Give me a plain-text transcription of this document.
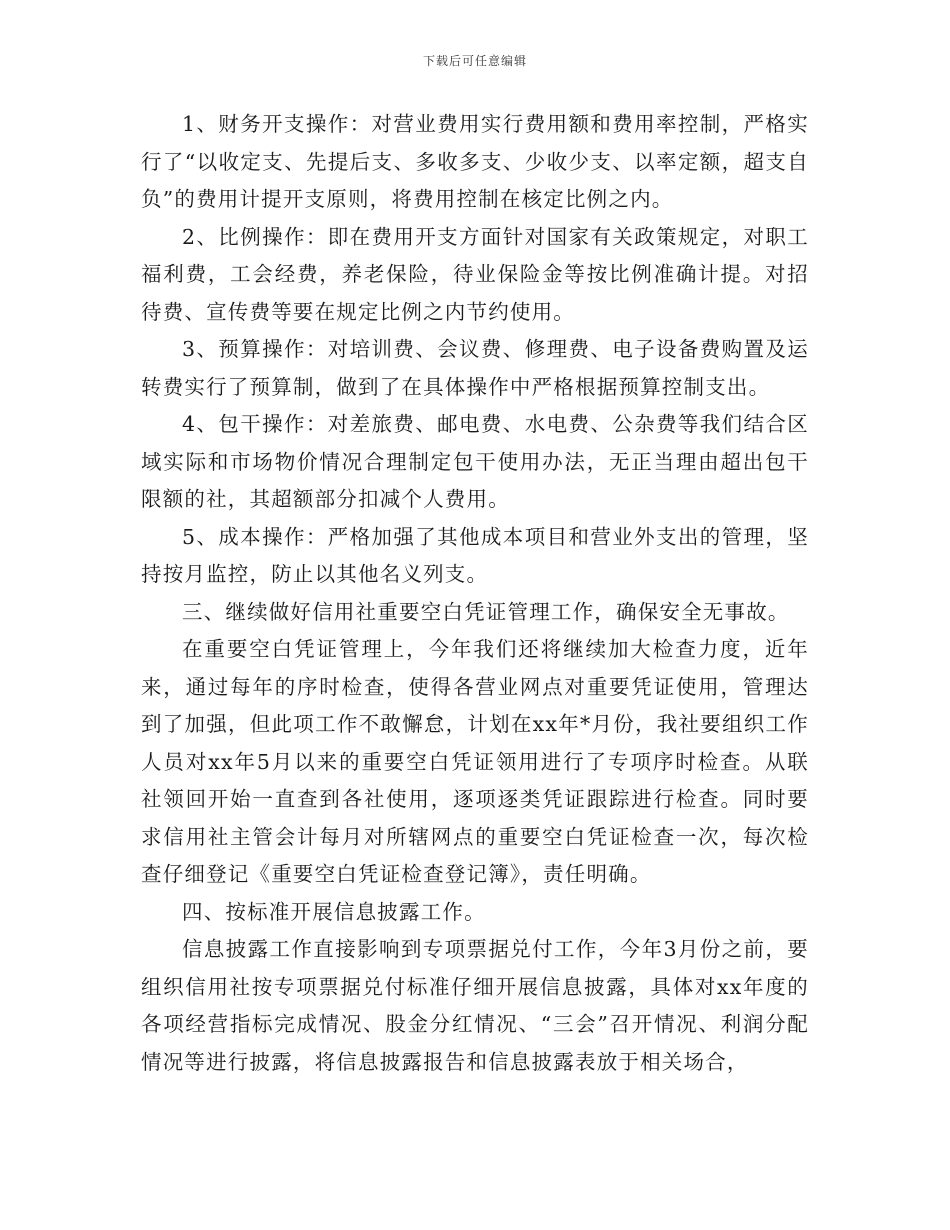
下载后可任意编辑

1、财务开支操作：对营业费用实行费用额和费用率控制，严格实行了“以收定支、先提后支、多收多支、少收少支、以率定额，超支自负”的费用计提开支原则，将费用控制在核定比例之内。

2、比例操作：即在费用开支方面针对国家有关政策规定，对职工福利费，工会经费，养老保险，待业保险金等按比例准确计提。对招待费、宣传费等要在规定比例之内节约使用。

3、预算操作：对培训费、会议费、修理费、电子设备费购置及运转费实行了预算制，做到了在具体操作中严格根据预算控制支出。

4、包干操作：对差旅费、邮电费、水电费、公杂费等我们结合区域实际和市场物价情况合理制定包干使用办法，无正当理由超出包干限额的社，其超额部分扣减个人费用。

5、成本操作：严格加强了其他成本项目和营业外支出的管理，坚持按月监控，防止以其他名义列支。

三、继续做好信用社重要空白凭证管理工作，确保安全无事故。

在重要空白凭证管理上，今年我们还将继续加大检查力度，近年来，通过每年的序时检查，使得各营业网点对重要凭证使用，管理达到了加强，但此项工作不敢懈怠，计划在xx年*月份，我社要组织工作人员对xx年5月以来的重要空白凭证领用进行了专项序时检查。从联社领回开始一直查到各社使用，逐项逐类凭证跟踪进行检查。同时要求信用社主管会计每月对所辖网点的重要空白凭证检查一次，每次检查仔细登记《重要空白凭证检查登记簿》，责任明确。

四、按标准开展信息披露工作。

信息披露工作直接影响到专项票据兑付工作，今年3月份之前，要组织信用社按专项票据兑付标准仔细开展信息披露，具体对xx年度的各项经营指标完成情况、股金分红情况、“三会”召开情况、利润分配情况等进行披露，将信息披露报告和信息披露表放于相关场合，
